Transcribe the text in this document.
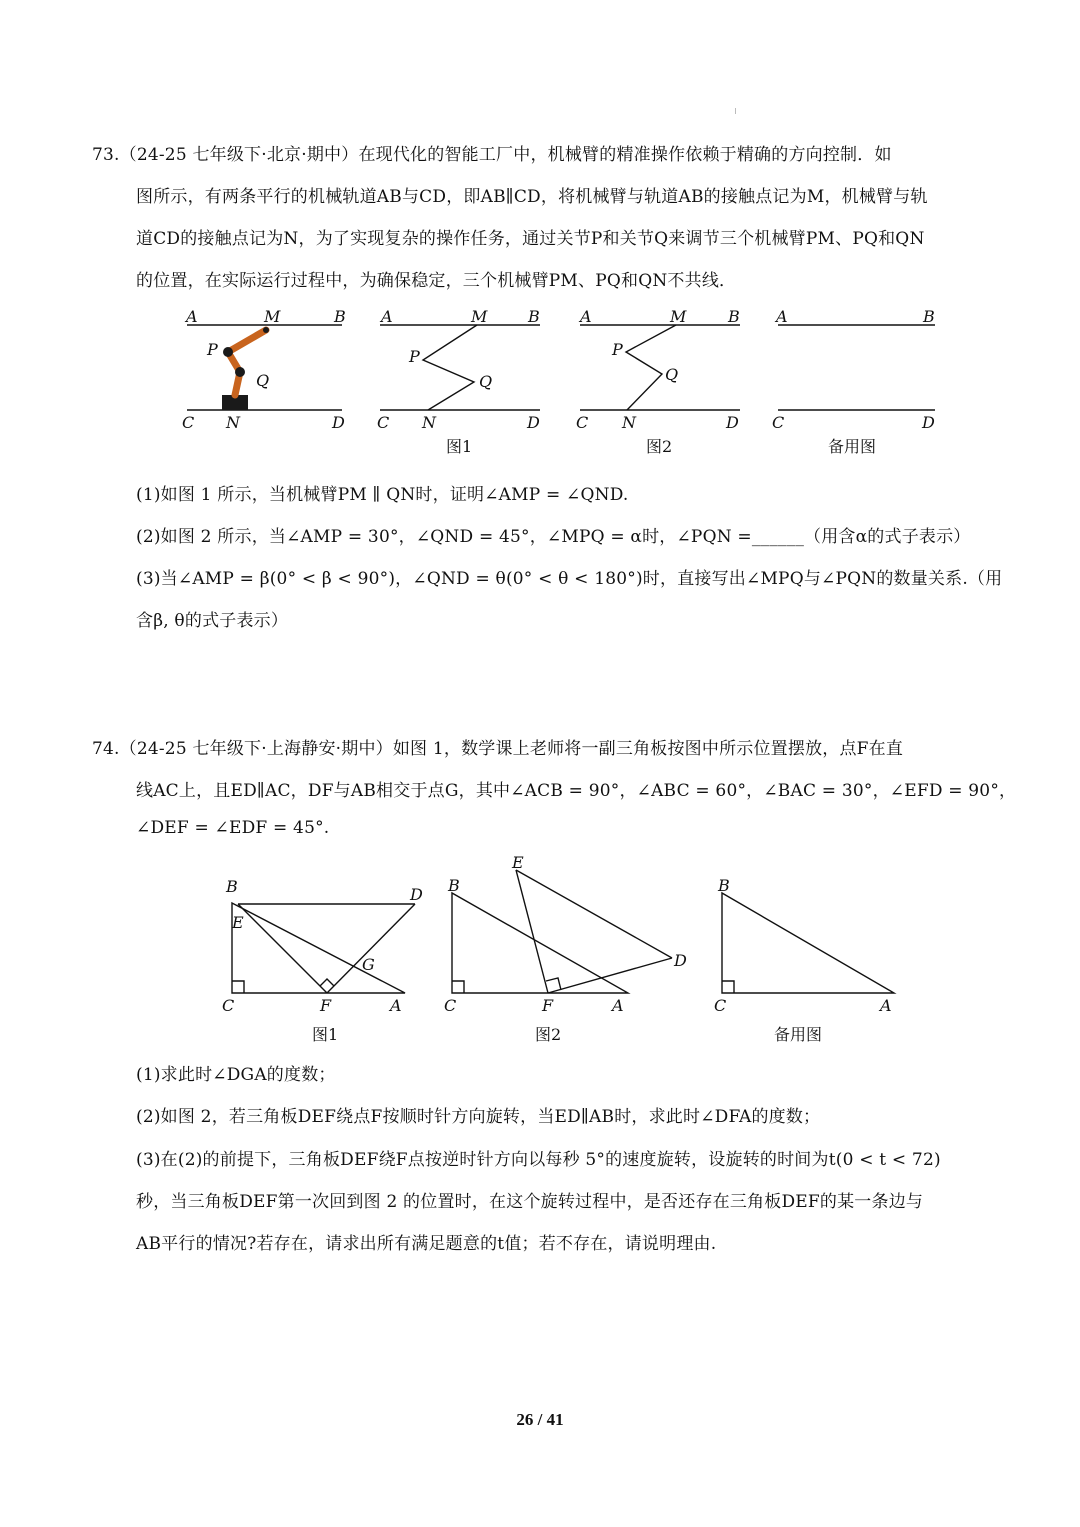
73.（24-25 七年级下·北京·期中）在现代化的智能工厂中，机械臂的精准操作依赖于精确的方向控制．如
图所示，有两条平行的机械轨道AB与CD，即AB∥CD，将机械臂与轨道AB的接触点记为M，机械臂与轨
道CD的接触点记为N，为了实现复杂的操作任务，通过关节P和关节Q来调节三个机械臂PM、PQ和QN
的位置，在实际运行过程中，为确保稳定，三个机械臂PM、PQ和QN不共线．
A	M	B
P
Q
C N	D
A	M	B
P
Q
C N	D
图1
A	M	B
P
Q
C N	D
图2
A	B
C	D
备用图
(1)如图 1 所示，当机械臂PM ∥ QN时，证明∠AMP = ∠QND.
(2)如图 2 所示，当∠AMP = 30°，∠QND = 45°，∠MPQ = α时，∠PQN =______（用含α的式子表示）
(3)当∠AMP = β(0° < β < 90°)，∠QND = θ(0° < θ < 180°)时，直接写出∠MPQ与∠PQN的数量关系.（用
含β, θ的式子表示）
74.（24-25 七年级下·上海静安·期中）如图 1，数学课上老师将一副三角板按图中所示位置摆放，点F在直
线AC上，且ED∥AC，DF与AB相交于点G，其中∠ACB = 90°，∠ABC = 60°，∠BAC = 30°，∠EFD = 90°，
∠DEF = ∠EDF = 45°.
B
E
D
G
C	F	A
图1
B
E
D
C	F	A
图2
B
C	A
备用图
(1)求此时∠DGA的度数；
(2)如图 2，若三角板DEF绕点F按顺时针方向旋转，当ED∥AB时，求此时∠DFA的度数；
(3)在(2)的前提下，三角板DEF绕F点按逆时针方向以每秒 5°的速度旋转，设旋转的时间为t(0 < t < 72)
秒，当三角板DEF第一次回到图 2 的位置时，在这个旋转过程中，是否还存在三角板DEF的某一条边与
AB平行的情况?若存在，请求出所有满足题意的t值；若不存在，请说明理由.
26 / 41
